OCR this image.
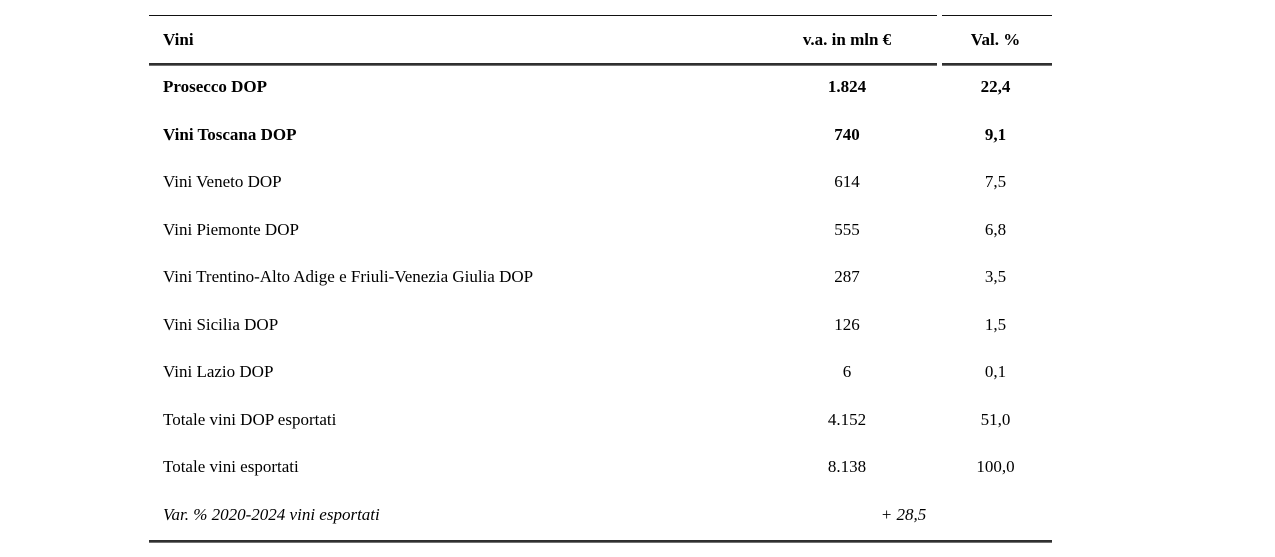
Vini	v.a. in mln €	Val. %
Prosecco DOP	1.824	22,4
Vini Toscana DOP	740	9,1
Vini Veneto DOP	614	7,5
Vini Piemonte DOP	555	6,8
Vini Trentino-Alto Adige e Friuli-Venezia Giulia DOP	287	3,5
Vini Sicilia DOP	126	1,5
Vini Lazio DOP	6	0,1
Totale vini DOP esportati	4.152	51,0
Totale vini esportati	8.138	100,0
Var. % 2020-2024 vini esportati	+ 28,5	
